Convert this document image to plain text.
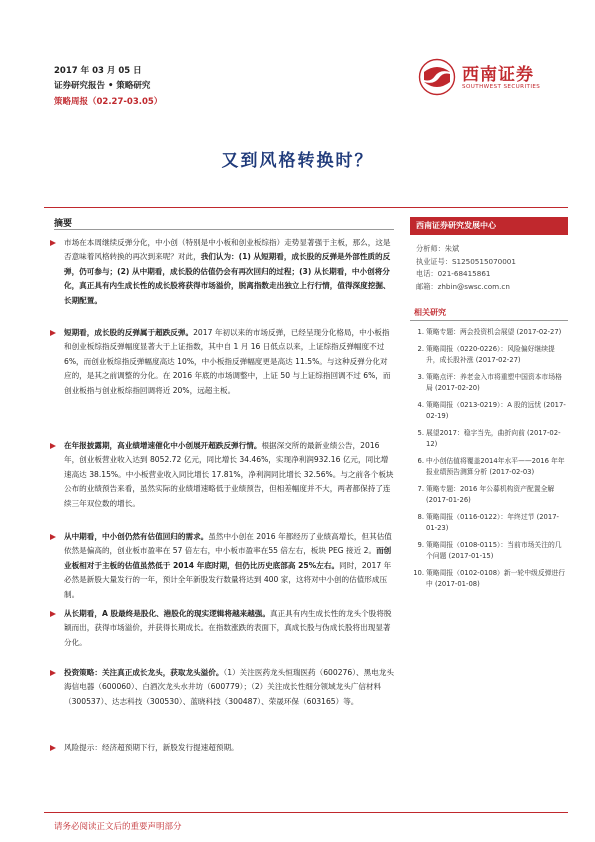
2017 年 03 月 05 日
证券研究报告 • 策略研究
策略周报（02.27-03.05）
西南证券
SOUTHWEST SECURITIES
又到风格转换时？
摘要
市场在本周继续反弹分化，中小创（特别是中小板和创业板综指）走势显著强于主板，那么，这是否意味着风格转换的再次到来呢？对此，我们认为：(1) 从短期看，成长股的反弹是外部性质的反弹，仍可参与；(2) 从中期看，成长股的估值仍会有再次回归的过程；(3) 从长期看，中小创将分化，真正具有内生成长性的成长股将获得市场溢价，脱离指数走出独立上行行情，值得深度挖掘、长期配置。
短期看，成长股的反弹属于超跌反弹。2017 年初以来的市场反弹，已经呈现分化格局，中小板指和创业板综指反弹幅度显著大于上证指数，其中自 1 月 16 日低点以来，上证综指反弹幅度不过 6%，而创业板综指反弹幅度高达 10%，中小板指反弹幅度更是高达 11.5%。与这种反弹分化对应的，是其之前调整的分化。在 2016 年底的市场调整中，上证 50 与上证综指回调不过 6%，而创业板指与创业板综指回调将近 20%，远超主板。
在年报披露期，高业绩增速催化中小创展开超跌反弹行情。根据深交所的最新业绩公告，2016 年，创业板营业收入达到 8052.72 亿元，同比增长 34.46%，实现净利润932.16 亿元，同比增速高达 38.15%。中小板营业收入同比增长 17.81%，净利润同比增长 32.56%。与之前各个板块公布的业绩预告来看，虽然实际的业绩增速略低于业绩预告，但相差幅度并不大，两者都保持了连续三年双位数的增长。
从中期看，中小创仍然有估值回归的需求。虽然中小创在 2016 年都经历了业绩高增长，但其估值依然是偏高的，创业板市盈率在 57 倍左右，中小板市盈率在55 倍左右，板块 PEG 接近 2。而创业板相对于主板的估值虽然低于 2014 年底时期，但仍比历史底部高 25%左右。同时，2017 年必然是新股大量发行的一年，预计全年新股发行数量将达到 400 家，这将对中小创的估值形成压制。
从长期看，A 股最终是股化、港股化的现实逻辑将越来越强。真正具有内生成长性的龙头个股将脱颖而出，获得市场溢价，并获得长期成长。在指数涨跌的表面下，真成长股与伪成长股将出现显著分化。
投资策略：关注真正成长龙头，获取龙头溢价。（1）关注医药龙头恒瑞医药（600276）、黑电龙头海信电器（600060）、白酒次龙头水井坊（600779）；（2）关注成长性细分领域龙头广信材料（300537）、达志科技（300530）、蓝晓科技（300487）、荣晟环保（603165）等。
风险提示：经济超预期下行，新股发行提速超预期。
西南证券研究发展中心
分析师：朱斌
执业证号：S1250515070001
电话：021-68415861
邮箱：zhbin@swsc.com.cn
相关研究
1. 策略专题：两会投资机会展望 (2017-02-27)
2. 策略周报（0220-0226）：风险偏好继续提升，成长股补涨 (2017-02-27)
3. 策略点评：养老金入市将重塑中国资本市场格局 (2017-02-20)
4. 策略周报（0213-0219）：A 股的远忧 (2017-02-19)
5. 展望2017：稳字当先，曲折向前 (2017-02-12)
6. 中小创估值将覆盖2014年水平——2016 年年报业绩预告测算分析 (2017-02-03)
7. 策略专题：2016 年公募机构资产配置全解 (2017-01-26)
8. 策略周报（0116-0122）：年终过节 (2017-01-23)
9. 策略周报（0108-0115）：当前市场关注的几个问题 (2017-01-15)
10. 策略周报（0102-0108）新一轮中级反弹进行中 (2017-01-08)
请务必阅读正文后的重要声明部分
